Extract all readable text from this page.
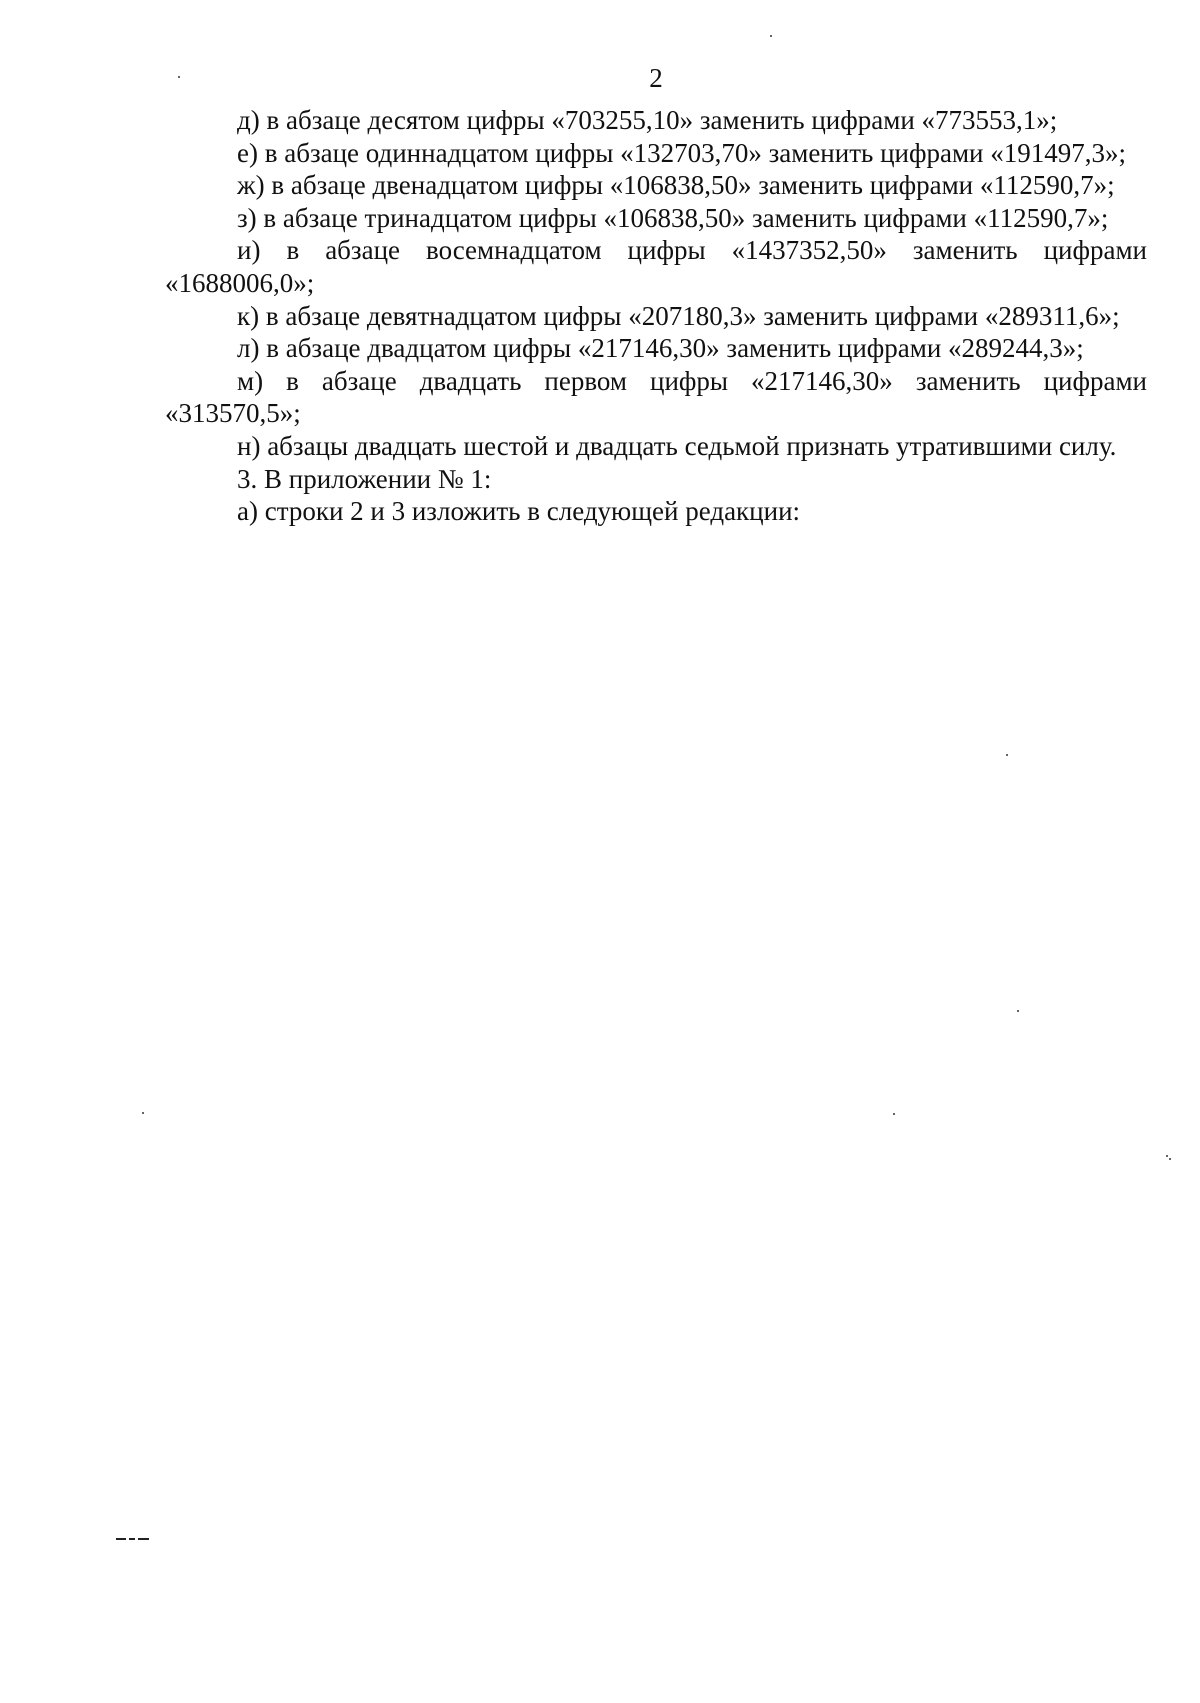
2

д) в абзаце десятом цифры «703255,10» заменить цифрами «773553,1»;

е) в абзаце одиннадцатом цифры «132703,70» заменить цифрами «191497,3»;

ж) в абзаце двенадцатом цифры «106838,50» заменить цифрами «112590,7»;

з) в абзаце тринадцатом цифры «106838,50» заменить цифрами «112590,7»;

и) в абзаце восемнадцатом цифры «1437352,50» заменить цифрами «1688006,0»;

к) в абзаце девятнадцатом цифры «207180,3» заменить цифрами «289311,6»;

л) в абзаце двадцатом цифры «217146,30» заменить цифрами «289244,3»;

м) в абзаце двадцать первом цифры «217146,30» заменить цифрами «313570,5»;

н) абзацы двадцать шестой и двадцать седьмой признать утратившими силу.

3. В приложении № 1:

а) строки 2 и 3 изложить в следующей редакции:
